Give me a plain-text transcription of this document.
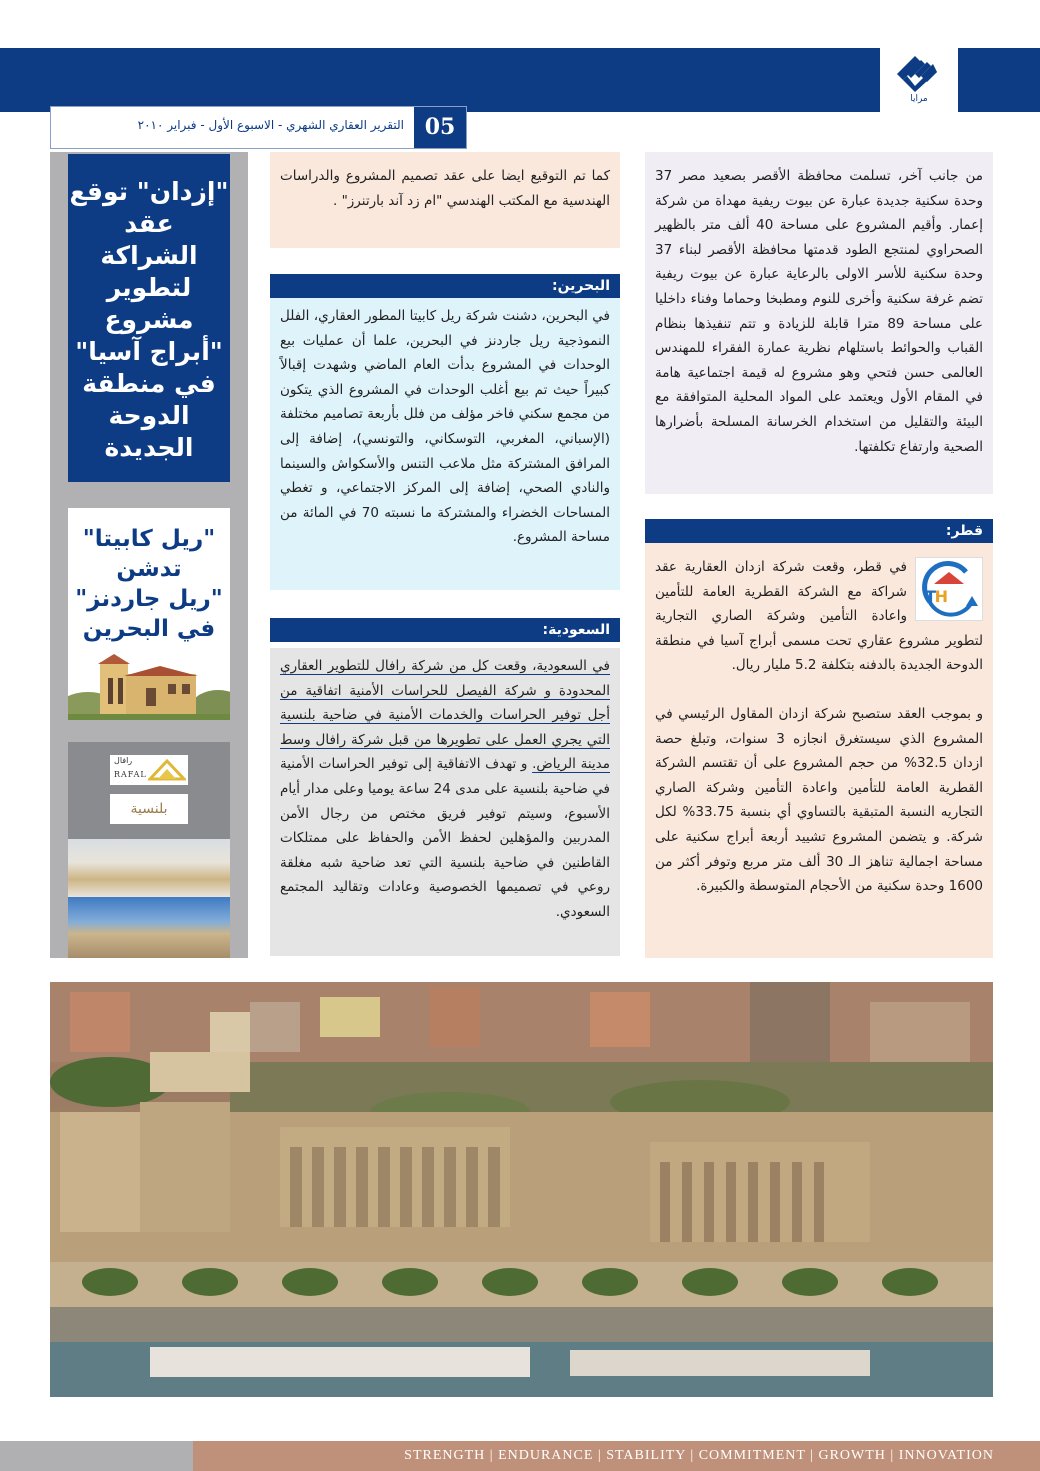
05
التقرير العقاري الشهري - الاسبوع الأول - فبراير ٢٠١٠	نسعى إلى الإزدهار 10’
مرايا
"إزدان" توقع
عقد
الشراكة
لتطوير
مشروع
"أبراج آسيا"
في منطقة
الدوحة
الجديدة
"ريل كابيتا"
تدشن
"ريل جاردنز"
في البحرين
رافال
RAFAL
بلنسية
كما تم التوقيع ايضا على عقد تصميم المشروع والدراسات الهندسية مع المكتب الهندسي "ام زد آند بارتنرز" .
البحرين:
في البحرين، دشنت شركة ريل كابيتا المطور العقاري، الفلل النموذجية ريل جاردنز في البحرين، علما أن عمليات بيع الوحدات في المشروع بدأت العام الماضي وشهدت إقبالاً كبيراً حيث تم بيع أغلب الوحدات في المشروع الذي يتكون من مجمع سكني فاخر مؤلف من فلل بأربعة تصاميم مختلفة (الإسباني، المغربي، التوسكاني، والتونسي)، إضافة إلى المرافق المشتركة مثل ملاعب التنس والأسكواش والسينما والنادي الصحي، إضافة إلى المركز الاجتماعي، و تغطي المساحات الخضراء والمشتركة ما نسبته 70 في المائة من مساحة المشروع.
السعودية:
في السعودية، وقعت كل من شركة رافال للتطوير العقاري المحدودة و شركة الفيصل للحراسات الأمنية اتفاقية من أجل توفير الحراسات والخدمات الأمنية في ضاحية بلنسية التي يجري العمل على تطويرها من قبل شركة رافال وسط مدينة الرياض. و تهدف الاتفاقية إلى توفير الحراسات الأمنية في ضاحية بلنسية على مدى 24 ساعة يوميا وعلى مدار أيام الأسبوع، وسيتم توفير فريق مختص من رجال الأمن المدربين والمؤهلين لحفظ الأمن والحفاظ على ممتلكات القاطنين في ضاحية بلنسية التي تعد ضاحية شبه مغلقة روعي في تصميمها الخصوصية وعادات وتقاليد المجتمع السعودي.
من جانب آخر، تسلمت محافظة الأقصر بصعيد مصر 37 وحدة سكنية جديدة عبارة عن بيوت ريفية مهداة من شركة إعمار. وأقيم المشروع على مساحة 40 ألف متر بالظهير الصحراوي لمنتجع الطود قدمتها محافظة الأقصر لبناء 37 وحدة سكنية للأسر الاولى بالرعاية عبارة عن بيوت ريفية تضم غرفة سكنية وأخرى للنوم ومطبخا وحماما وفناء داخليا على مساحة 89 مترا قابلة للزيادة و تتم تنفيذها بنظام القباب والحوائط باستلهام نظرية عمارة الفقراء للمهندس العالمى حسن فتحي وهو مشروع له قيمة اجتماعية هامة في المقام الأول ويعتمد على المواد المحلية المتوافقة مع البيئة والتقليل من استخدام الخرسانة المسلحة بأضرارها الصحية وارتفاع تكلفتها.
قطر:
T
H
في قطر، وقعت شركة ازدان العقارية عقد شراكة مع الشركة القطرية العامة للتأمين واعادة التأمين وشركة الصاري التجارية لتطوير مشروع عقاري تحت مسمى أبراج آسيا في منطقة الدوحة الجديدة بالدفنه بتكلفة 5.2 مليار ريال.
و بموجب العقد ستصبح شركة ازدان المقاول الرئيسي في المشروع الذي سيستغرق انجازه 3 سنوات، وتبلغ حصة ازدان 32.5% من حجم المشروع على أن تقتسم الشركة القطرية العامة للتأمين واعادة التأمين وشركة الصاري التجاريه النسبة المتبقية بالتساوي أي بنسبة 33.75% لكل شركة. و يتضمن المشروع تشييد أربعة أبراج سكنية على مساحة اجمالية تناهز الـ 30 ألف متر مربع وتوفر أكثر من 1600 وحدة سكنية من الأحجام المتوسطة والكبيرة.
STRENGTH | ENDURANCE | STABILITY | COMMITMENT | GROWTH | INNOVATION
